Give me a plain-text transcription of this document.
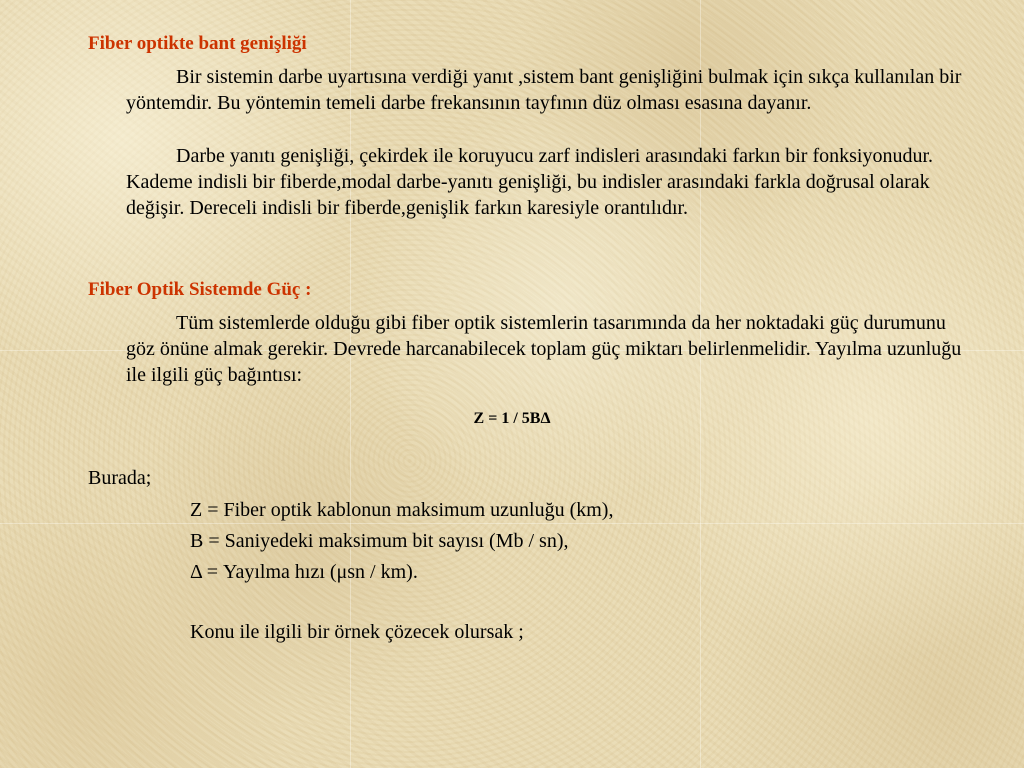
Fiber optikte bant genişliği
Bir sistemin darbe uyartısına verdiği yanıt ,sistem bant genişliğini bulmak için sıkça kullanılan bir yöntemdir. Bu yöntemin temeli darbe frekansının tayfının düz olması esasına dayanır.
Darbe yanıtı genişliği, çekirdek ile koruyucu zarf indisleri arasındaki farkın bir fonksiyonudur. Kademe indisli bir fiberde,modal darbe-yanıtı genişliği, bu indisler arasındaki farkla doğrusal olarak değişir. Dereceli indisli bir fiberde,genişlik farkın karesiyle orantılıdır.
Fiber Optik Sistemde Güç :
Tüm sistemlerde olduğu gibi fiber optik sistemlerin tasarımında da her noktadaki güç durumunu göz önüne almak gerekir. Devrede harcanabilecek toplam güç miktarı belirlenmelidir. Yayılma uzunluğu ile ilgili güç bağıntısı:
Z = 1 / 5BΔ
Burada;
Z = Fiber optik kablonun maksimum uzunluğu (km),
B = Saniyedeki maksimum bit sayısı (Mb / sn),
Δ = Yayılma hızı (μsn / km).
Konu ile ilgili bir örnek çözecek olursak ;
